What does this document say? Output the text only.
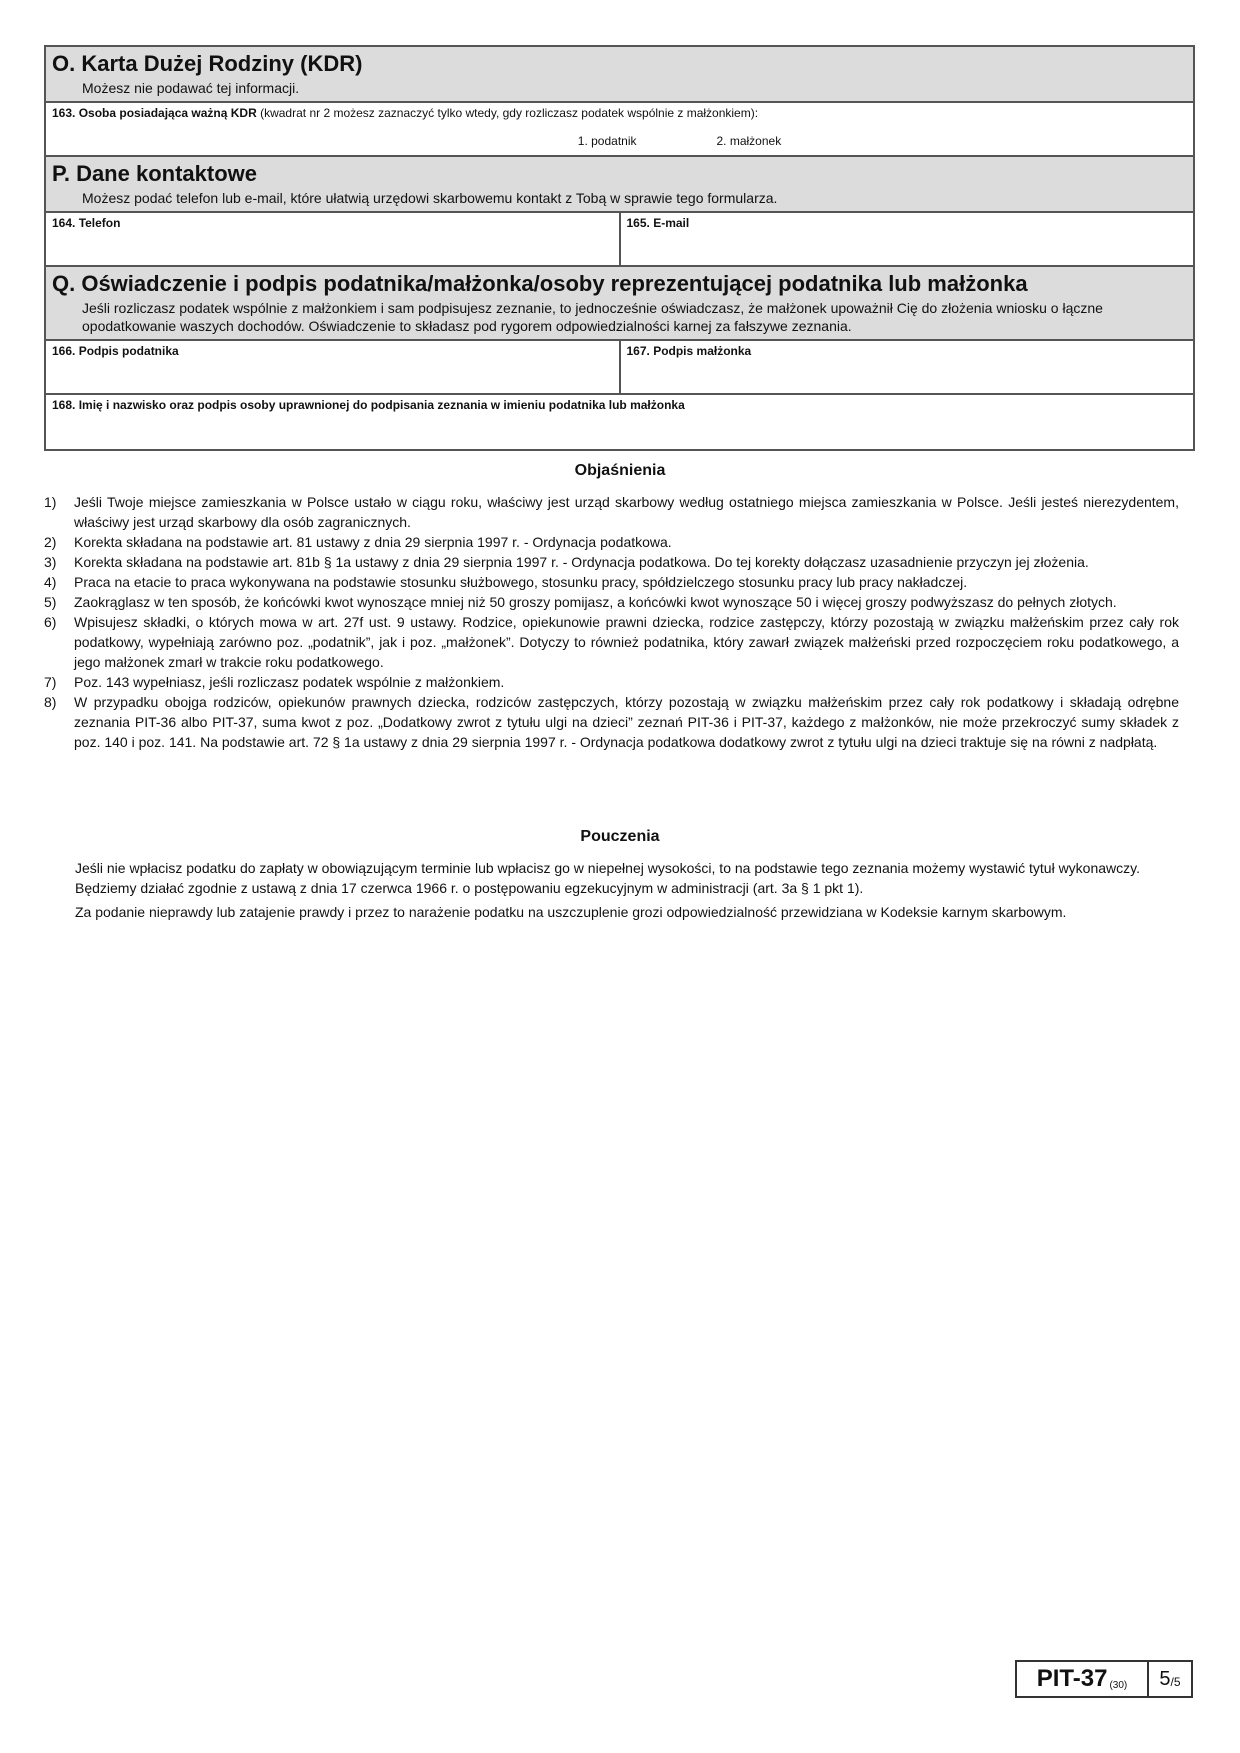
O. Karta Dużej Rodziny (KDR)
Możesz nie podawać tej informacji.
163. Osoba posiadająca ważną KDR (kwadrat nr 2 możesz zaznaczyć tylko wtedy, gdy rozliczasz podatek wspólnie z małżonkiem):
1. podatnik	2. małżonek
P. Dane kontaktowe
Możesz podać telefon lub e-mail, które ułatwią urzędowi skarbowemu kontakt z Tobą w sprawie tego formularza.
164. Telefon	165. E-mail
Q. Oświadczenie i podpis podatnika/małżonka/osoby reprezentującej podatnika lub małżonka
Jeśli rozliczasz podatek wspólnie z małżonkiem i sam podpisujesz zeznanie, to jednocześnie oświadczasz, że małżonek upoważnił Cię do złożenia wniosku o łączne opodatkowanie waszych dochodów. Oświadczenie to składasz pod rygorem odpowiedzialności karnej za fałszywe zeznania.
166. Podpis podatnika	167. Podpis małżonka
168. Imię i nazwisko oraz podpis osoby uprawnionej do podpisania zeznania w imieniu podatnika lub małżonka
Objaśnienia
1)	Jeśli Twoje miejsce zamieszkania w Polsce ustało w ciągu roku, właściwy jest urząd skarbowy według ostatniego miejsca zamieszkania w Polsce. Jeśli jesteś nierezydentem, właściwy jest urząd skarbowy dla osób zagranicznych.
2)	Korekta składana na podstawie art. 81 ustawy z dnia 29 sierpnia 1997 r. - Ordynacja podatkowa.
3)	Korekta składana na podstawie art. 81b § 1a ustawy z dnia 29 sierpnia 1997 r. - Ordynacja podatkowa. Do tej korekty dołączasz uzasadnienie przyczyn jej złożenia.
4)	Praca na etacie to praca wykonywana na podstawie stosunku służbowego, stosunku pracy, spółdzielczego stosunku pracy lub pracy nakładczej.
5)	Zaokrąglasz w ten sposób, że końcówki kwot wynoszące mniej niż 50 groszy pomijasz, a końcówki kwot wynoszące 50 i więcej groszy podwyższasz do pełnych złotych.
6)	Wpisujesz składki, o których mowa w art. 27f ust. 9 ustawy. Rodzice, opiekunowie prawni dziecka, rodzice zastępczy, którzy pozostają w związku małżeńskim przez cały rok podatkowy, wypełniają zarówno poz. „podatnik”, jak i poz. „małżonek”. Dotyczy to również podatnika, który zawarł związek małżeński przed rozpoczęciem roku podatkowego, a jego małżonek zmarł w trakcie roku podatkowego.
7)	Poz. 143 wypełniasz, jeśli rozliczasz podatek wspólnie z małżonkiem.
8)	W przypadku obojga rodziców, opiekunów prawnych dziecka, rodziców zastępczych, którzy pozostają w związku małżeńskim przez cały rok podatkowy i składają odrębne zeznania PIT-36 albo PIT-37, suma kwot z poz. „Dodatkowy zwrot z tytułu ulgi na dzieci” zeznań PIT-36 i PIT-37, każdego z małżonków, nie może przekroczyć sumy składek z poz. 140 i poz. 141. Na podstawie art. 72 § 1a ustawy z dnia 29 sierpnia 1997 r. - Ordynacja podatkowa dodatkowy zwrot z tytułu ulgi na dzieci traktuje się na równi z nadpłatą.
Pouczenia
Jeśli nie wpłacisz podatku do zapłaty w obowiązującym terminie lub wpłacisz go w niepełnej wysokości, to na podstawie tego zeznania możemy wystawić tytuł wykonawczy. Będziemy działać zgodnie z ustawą z dnia 17 czerwca 1966 r. o postępowaniu egzekucyjnym w administracji (art. 3a § 1 pkt 1).
Za podanie nieprawdy lub zatajenie prawdy i przez to narażenie podatku na uszczuplenie grozi odpowiedzialność przewidziana w Kodeksie karnym skarbowym.
PIT-37 (30) 5 /5
